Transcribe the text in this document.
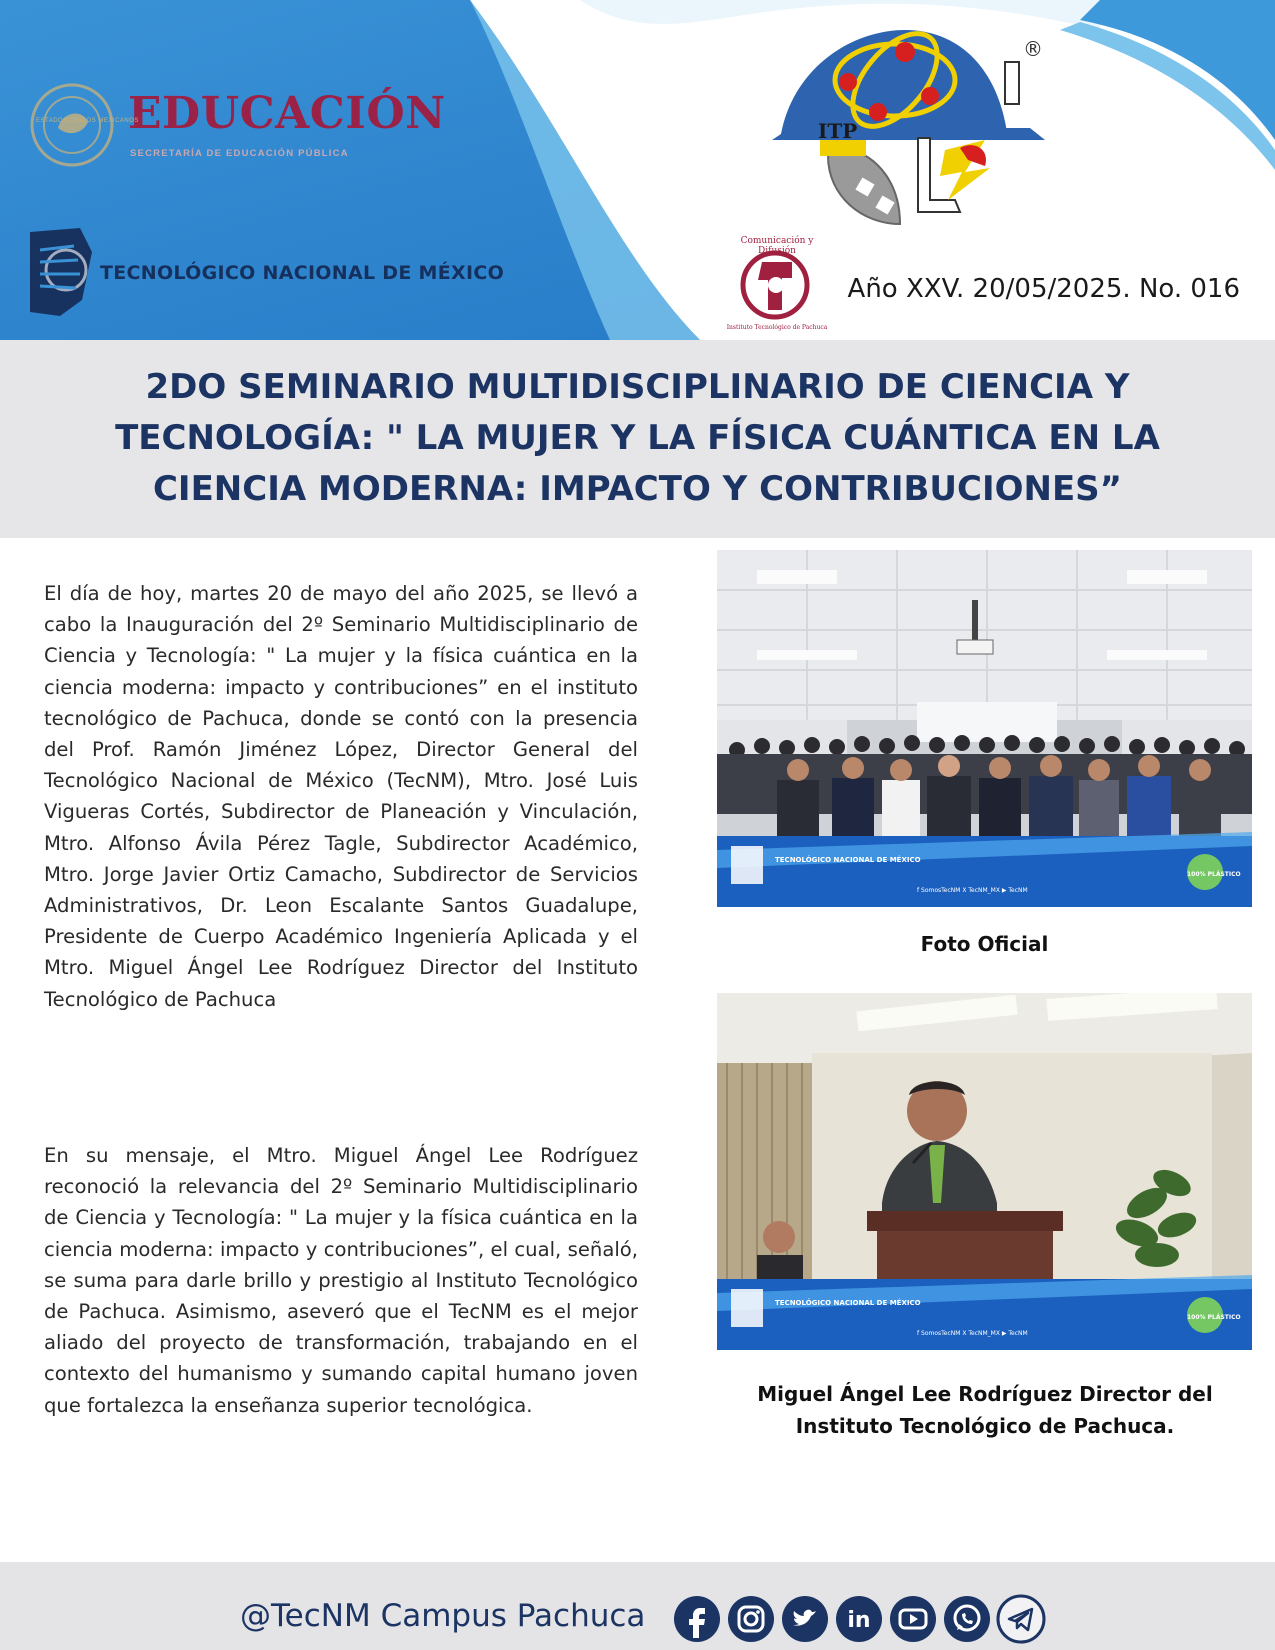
®
ITP
EDUCACIÓN
SECRETARÍA DE EDUCACIÓN PÚBLICA
ESTADOS UNIDOS MEXICANOS
TECNOLÓGICO NACIONAL DE MÉXICO
Comunicación y Difusión
Instituto Tecnológico de Pachuca
Año XXV. 20/05/2025. No. 016
2DO SEMINARIO MULTIDISCIPLINARIO DE CIENCIA Y TECNOLOGÍA: " LA MUJER Y LA FÍSICA CUÁNTICA EN LA CIENCIA MODERNA: IMPACTO Y CONTRIBUCIONES”

El día de hoy, martes 20 de mayo del año 2025, se llevó a cabo la Inauguración del 2º Seminario Multidisciplinario de Ciencia y Tecnología: " La mujer y la física cuántica en la ciencia moderna: impacto y contribuciones” en el instituto tecnológico de Pachuca, donde se contó con la presencia del Prof. Ramón Jiménez López, Director General del Tecnológico Nacional de México (TecNM), Mtro. José Luis Vigueras Cortés, Subdirector de Planeación y Vinculación, Mtro. Alfonso Ávila Pérez Tagle, Subdirector Académico, Mtro. Jorge Javier Ortiz Camacho, Subdirector de Servicios Administrativos, Dr. Leon Escalante Santos Guadalupe, Presidente de Cuerpo Académico Ingeniería Aplicada y el Mtro. Miguel Ángel Lee Rodríguez Director del Instituto Tecnológico de Pachuca

En su mensaje, el Mtro. Miguel Ángel Lee Rodríguez reconoció la relevancia del 2º Seminario Multidisciplinario de Ciencia y Tecnología: " La mujer y la física cuántica en la ciencia moderna: impacto y contribuciones”, el cual, señaló, se suma para darle brillo y prestigio al Instituto Tecnológico de Pachuca. Asimismo, aseveró que el TecNM es el mejor aliado del proyecto de transformación, trabajando en el contexto del humanismo y sumando capital humano joven que fortalezca la enseñanza superior tecnológica.

TECNOLÓGICO NACIONAL DE MÉXICO
f SomosTecNM X TecNM_MX ▶ TecNM
100% PLÁSTICO
Foto Oficial
TECNOLÓGICO NACIONAL DE MÉXICO
f SomosTecNM X TecNM_MX ▶ TecNM
100% PLÁSTICO
Miguel Ángel Lee Rodríguez Director del Instituto Tecnológico de Pachuca.
@TecNM Campus Pachuca	in
